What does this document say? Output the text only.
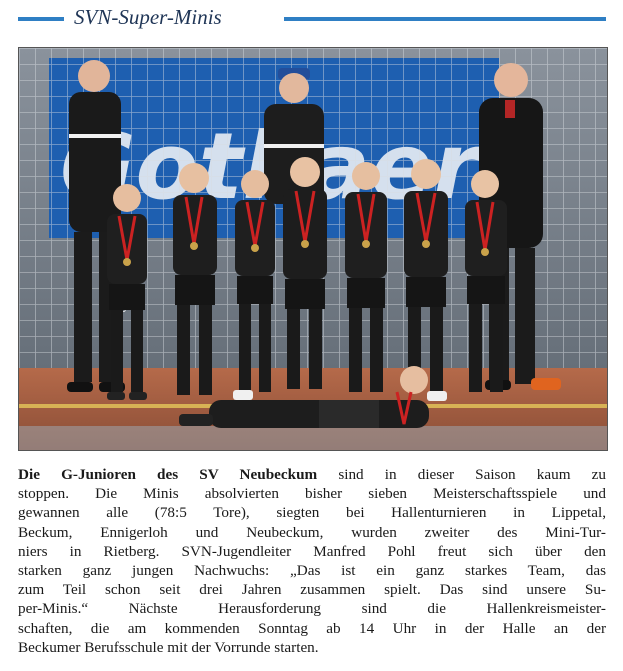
SVN-Super-Minis
Die G-Junioren des SV Neubeckum sind in dieser Saison kaum zu
stoppen. Die Minis absolvierten bisher sieben Meisterschaftsspiele und
gewannen alle (78:5 Tore), siegten bei Hallenturnieren in Lippetal,
Beckum, Ennigerloh und Neubeckum, wurden zweiter des Mini-Tur-
niers in Rietberg. SVN-Jugendleiter Manfred Pohl freut sich über den
starken ganz jungen Nachwuchs: „Das ist ein ganz starkes Team, das
zum Teil schon seit drei Jahren zusammen spielt. Das sind unsere Su-
per-Minis.“ Nächste Herausforderung sind die Hallenkreismeister-
schaften, die am kommenden Sonntag ab 14 Uhr in der Halle an der
Beckumer Berufsschule mit der Vorrunde starten.
